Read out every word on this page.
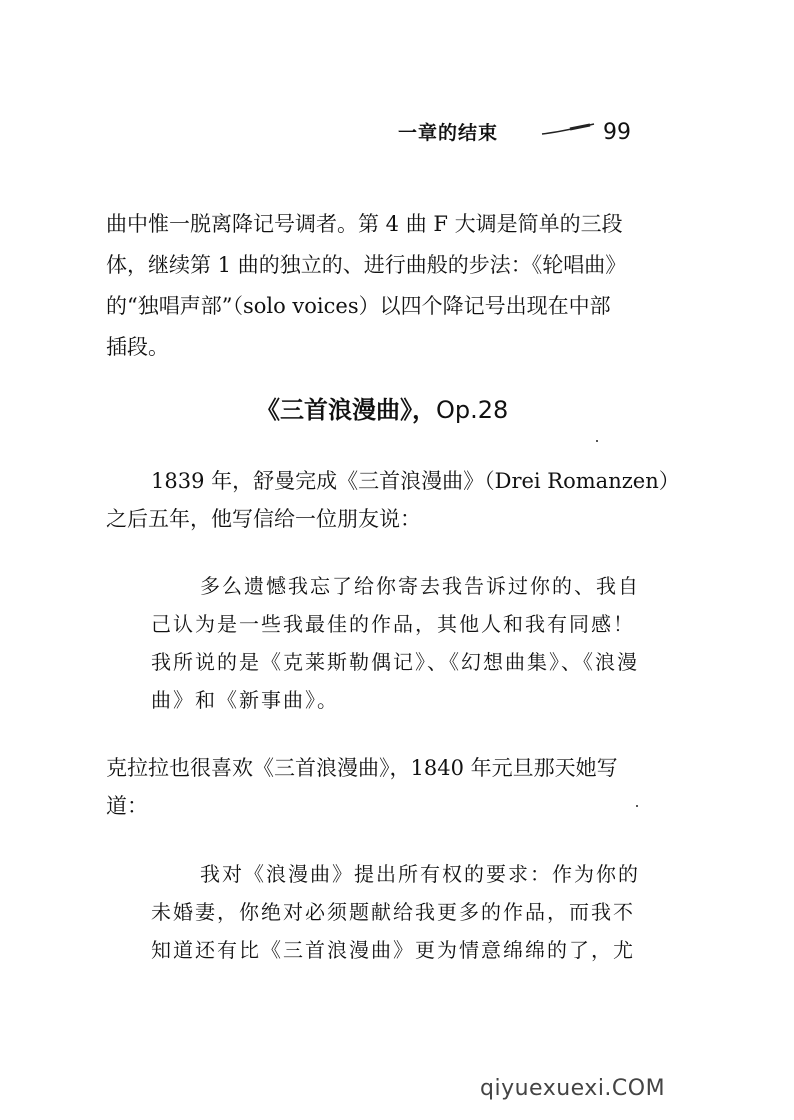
一章的结束	99
曲中惟一脱离降记号调者。第 4 曲 F 大调是简单的三段
体，继续第 1 曲的独立的、进行曲般的步法：《轮唱曲》
的“独唱声部”（solo voices）以四个降记号出现在中部
插段。
《三首浪漫曲》，Op.28
1839 年，舒曼完成《三首浪漫曲》（Drei Romanzen）
之后五年，他写信给一位朋友说：
多么遗憾我忘了给你寄去我告诉过你的、我自
己认为是一些我最佳的作品，其他人和我有同感！
我所说的是《克莱斯勒偶记》、《幻想曲集》、《浪漫
曲》和《新事曲》。
克拉拉也很喜欢《三首浪漫曲》，1840 年元旦那天她写
道：
我对《浪漫曲》提出所有权的要求：作为你的
未婚妻，你绝对必须题献给我更多的作品，而我不
知道还有比《三首浪漫曲》更为情意绵绵的了，尤
qiyuexuexi.COM
